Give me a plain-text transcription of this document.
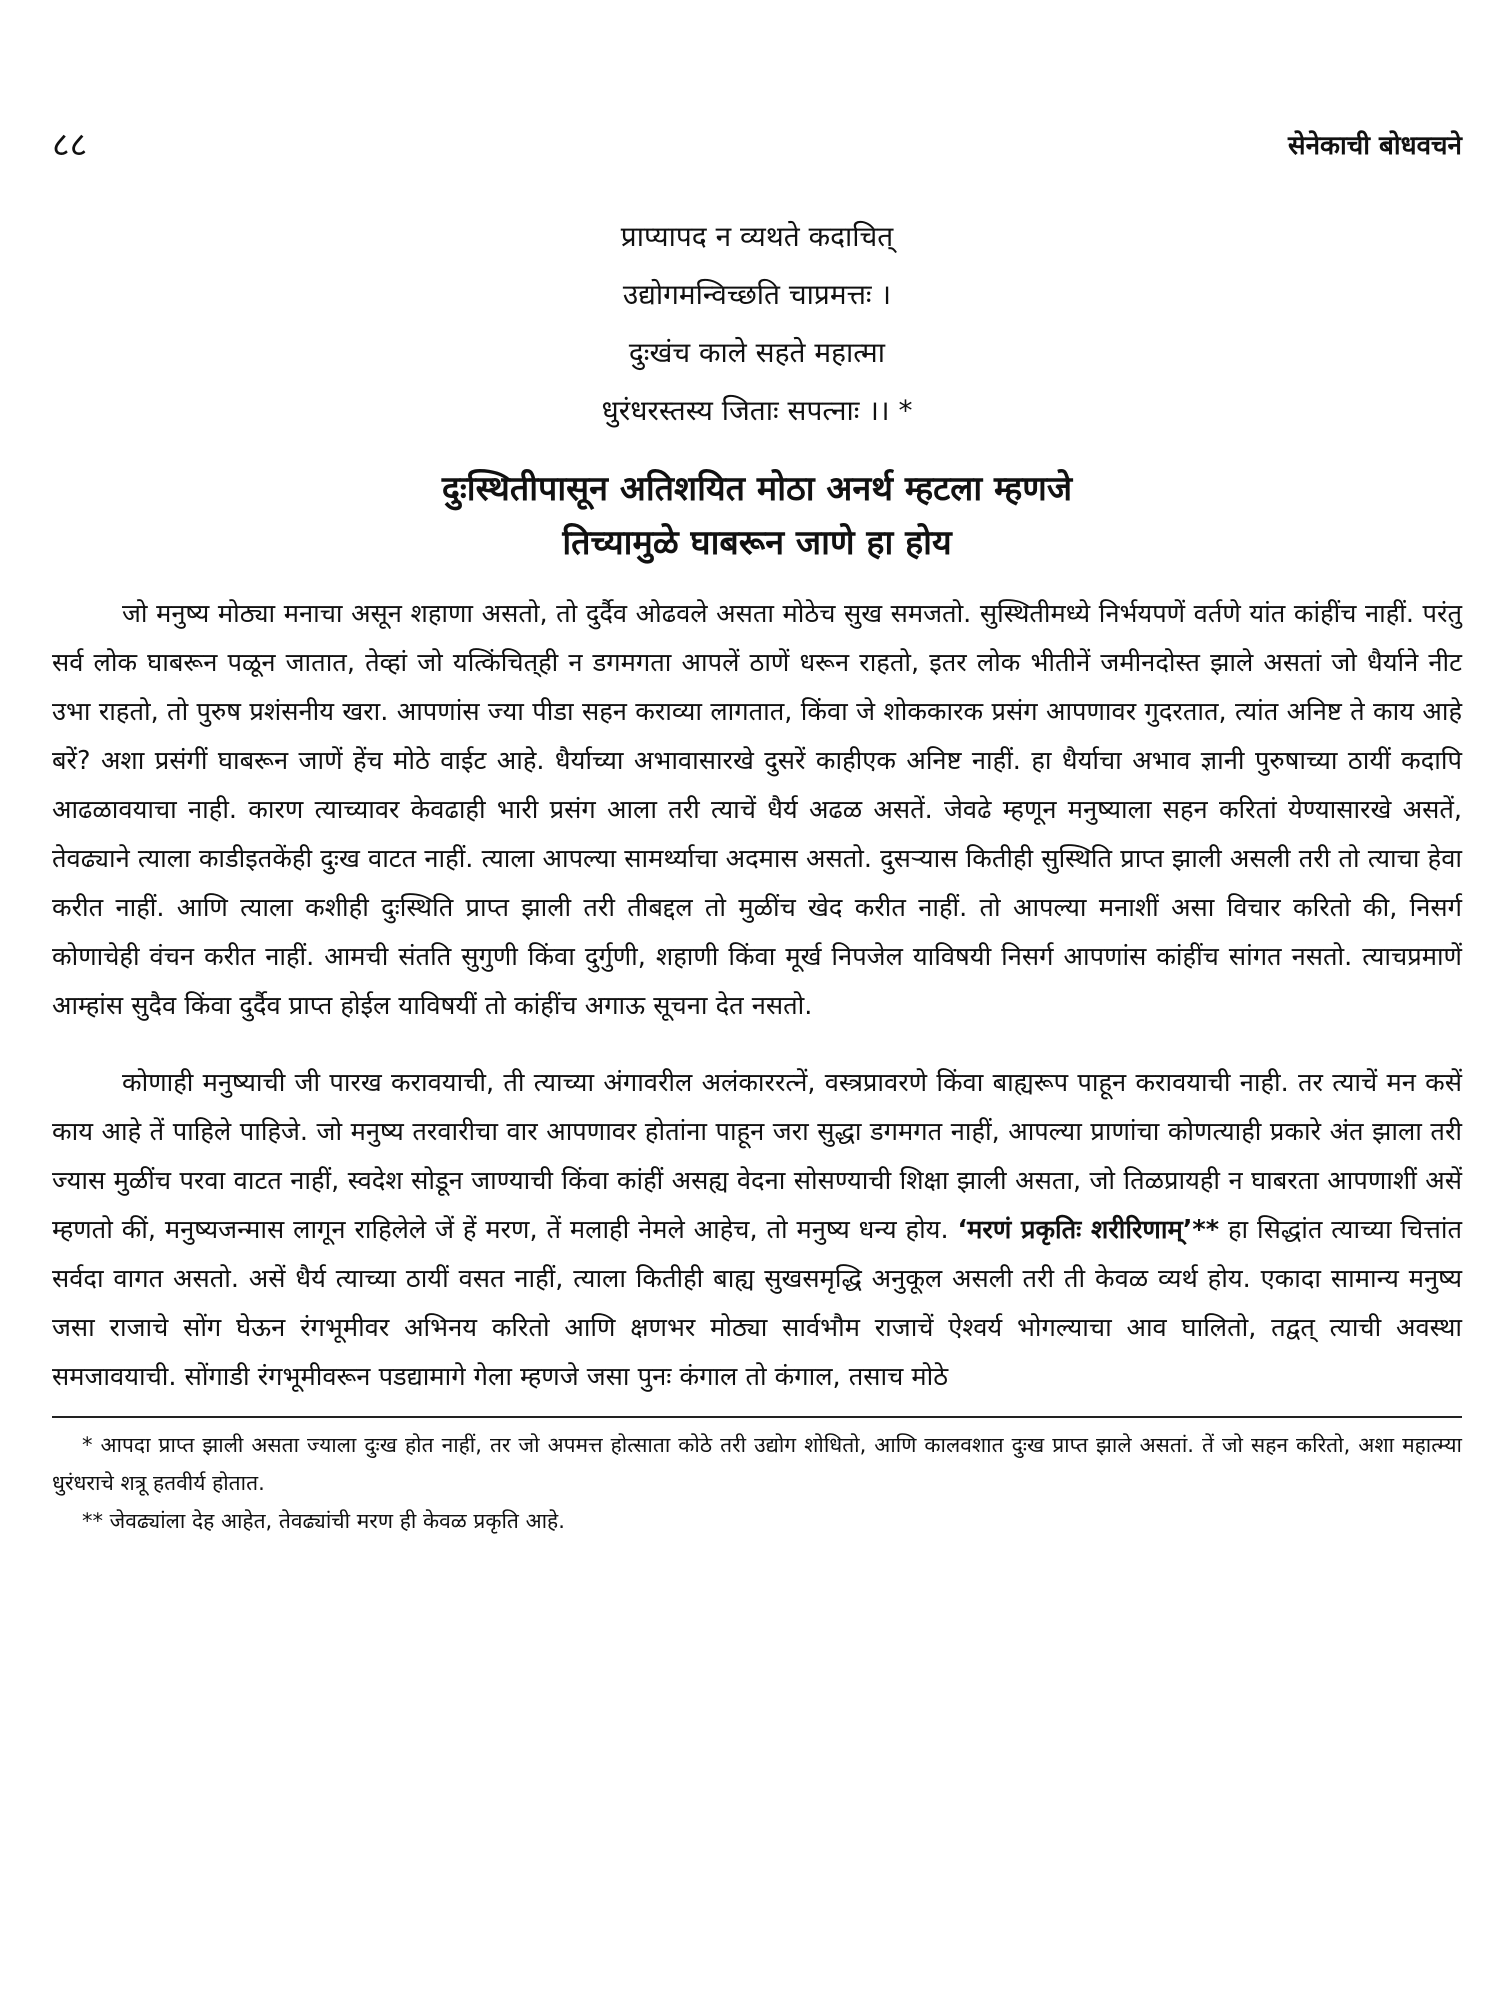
८८	सेनेकाची बोधवचने
प्राप्यापद न व्यथते कदाचित्
उद्योगमन्विच्छति चाप्रमत्तः ।
दुःखंच काले सहते महात्मा
धुरंधरस्तस्य जिताः सपत्नाः ।। *
दुःस्थितीपासून अतिशयित मोठा अनर्थ म्हटला म्हणजे
तिच्यामुळे घाबरून जाणे हा होय

जो मनुष्य मोठ्या मनाचा असून शहाणा असतो, तो दुर्दैव ओढवले असता मोठेच सुख समजतो. सुस्थितीमध्ये निर्भयपणें वर्तणे यांत कांहींच नाहीं. परंतु सर्व लोक घाबरून पळून जातात, तेव्हां जो यत्किंचित्‌ही न डगमगता आपलें ठाणें धरून राहतो, इतर लोक भीतीनें जमीनदोस्त झाले असतां जो धैर्याने नीट उभा राहतो, तो पुरुष प्रशंसनीय खरा. आपणांस ज्या पीडा सहन कराव्या लागतात, किंवा जे शोककारक प्रसंग आपणावर गुदरतात, त्यांत अनिष्ट ते काय आहे बरें? अशा प्रसंगीं घाबरून जाणें हेंच मोठे वाईट आहे. धैर्याच्या अभावासारखे दुसरें काहीएक अनिष्ट नाहीं. हा धैर्याचा अभाव ज्ञानी पुरुषाच्या ठायीं कदापि आढळावयाचा नाही. कारण त्याच्यावर केवढाही भारी प्रसंग आला तरी त्याचें धैर्य अढळ असतें. जेवढे म्हणून मनुष्याला सहन करितां येण्यासारखे असतें, तेवढ्याने त्याला काडीइतकेंही दुःख वाटत नाहीं. त्याला आपल्या सामर्थ्याचा अदमास असतो. दुसऱ्यास कितीही सुस्थिति प्राप्त झाली असली तरी तो त्याचा हेवा करीत नाहीं. आणि त्याला कशीही दुःस्थिति प्राप्त झाली तरी तीबद्दल तो मुळींच खेद करीत नाहीं. तो आपल्या मनाशीं असा विचार करितो की, निसर्ग कोणाचेही वंचन करीत नाहीं. आमची संतति सुगुणी किंवा दुर्गुणी, शहाणी किंवा मूर्ख निपजेल याविषयी निसर्ग आपणांस कांहींच सांगत नसतो. त्याचप्रमाणें आम्हांस सुदैव किंवा दुर्दैव प्राप्त होईल याविषयीं तो कांहींच अगाऊ सूचना देत नसतो.

कोणाही मनुष्याची जी पारख करावयाची, ती त्याच्या अंगावरील अलंकाररत्नें, वस्त्रप्रावरणे किंवा बाह्यरूप पाहून करावयाची नाही. तर त्याचें मन कसें काय आहे तें पाहिले पाहिजे. जो मनुष्य तरवारीचा वार आपणावर होतांना पाहून जरा सुद्धा डगमगत नाहीं, आपल्या प्राणांचा कोणत्याही प्रकारे अंत झाला तरी ज्यास मुळींच परवा वाटत नाहीं, स्वदेश सोडून जाण्याची किंवा कांहीं असह्य वेदना सोसण्याची शिक्षा झाली असता, जो तिळप्रायही न घाबरता आपणाशीं असें म्हणतो कीं, मनुष्यजन्मास लागून राहिलेले जें हें मरण, तें मलाही नेमले आहेच, तो मनुष्य धन्य होय. ‘मरणं प्रकृतिः शरीरिणाम्’** हा सिद्धांत त्याच्या चित्तांत सर्वदा वागत असतो. असें धैर्य त्याच्या ठायीं वसत नाहीं, त्याला कितीही बाह्य सुखसमृद्धि अनुकूल असली तरी ती केवळ व्यर्थ होय. एकादा सामान्य मनुष्य जसा राजाचे सोंग घेऊन रंगभूमीवर अभिनय करितो आणि क्षणभर मोठ्या सार्वभौम राजाचें ऐश्वर्य भोगल्याचा आव घालितो, तद्वत् त्याची अवस्था समजावयाची. सोंगाडी रंगभूमीवरून पडद्यामागे गेला म्हणजे जसा पुनः कंगाल तो कंगाल, तसाच मोठे

* आपदा प्राप्त झाली असता ज्याला दुःख होत नाहीं, तर जो अपमत्त होत्साता कोठे तरी उद्योग शोधितो, आणि कालवशात दुःख प्राप्त झाले असतां. तें जो सहन करितो, अशा महात्म्या धुरंधराचे शत्रू हतवीर्य होतात.

** जेवढ्यांला देह आहेत, तेवढ्यांची मरण ही केवळ प्रकृति आहे.
